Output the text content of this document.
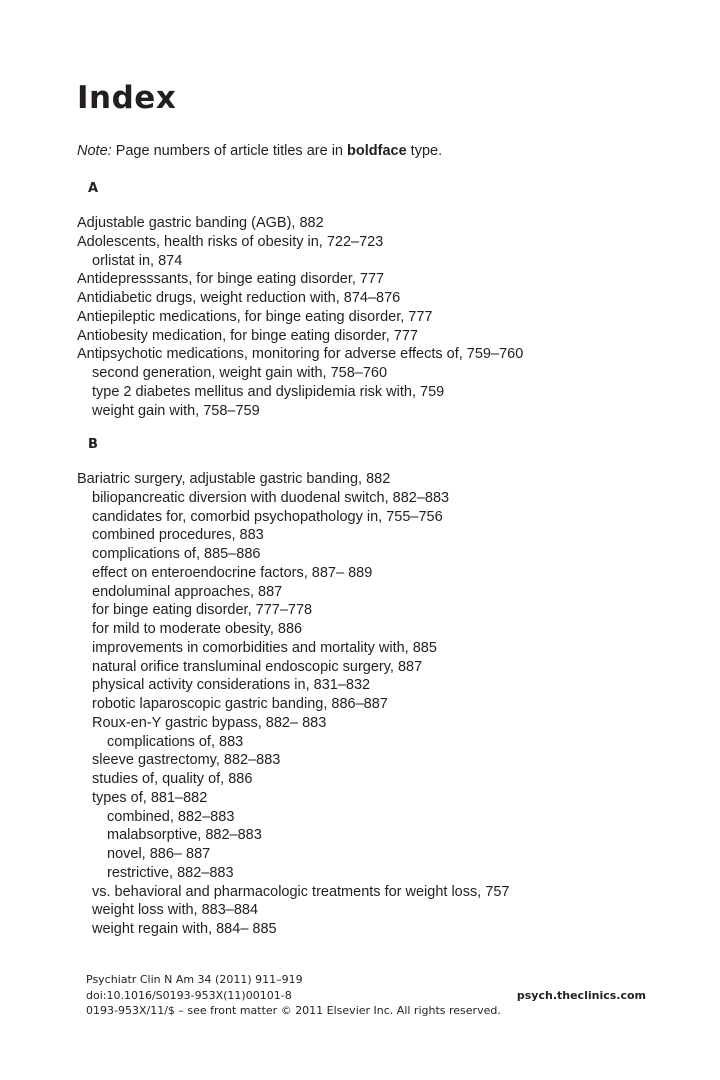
Index
Note: Page numbers of article titles are in boldface type.
A
Adjustable gastric banding (AGB), 882
Adolescents, health risks of obesity in, 722–723
orlistat in, 874
Antidepresssants, for binge eating disorder, 777
Antidiabetic drugs, weight reduction with, 874–876
Antiepileptic medications, for binge eating disorder, 777
Antiobesity medication, for binge eating disorder, 777
Antipsychotic medications, monitoring for adverse effects of, 759–760
second generation, weight gain with, 758–760
type 2 diabetes mellitus and dyslipidemia risk with, 759
weight gain with, 758–759
B
Bariatric surgery, adjustable gastric banding, 882
biliopancreatic diversion with duodenal switch, 882–883
candidates for, comorbid psychopathology in, 755–756
combined procedures, 883
complications of, 885–886
effect on enteroendocrine factors, 887– 889
endoluminal approaches, 887
for binge eating disorder, 777–778
for mild to moderate obesity, 886
improvements in comorbidities and mortality with, 885
natural orifice transluminal endoscopic surgery, 887
physical activity considerations in, 831–832
robotic laparoscopic gastric banding, 886–887
Roux-en-Y gastric bypass, 882– 883
complications of, 883
sleeve gastrectomy, 882–883
studies of, quality of, 886
types of, 881–882
combined, 882–883
malabsorptive, 882–883
novel, 886– 887
restrictive, 882–883
vs. behavioral and pharmacologic treatments for weight loss, 757
weight loss with, 883–884
weight regain with, 884– 885
Psychiatr Clin N Am 34 (2011) 911–919
doi:10.1016/S0193-953X(11)00101-8
0193-953X/11/$ – see front matter © 2011 Elsevier Inc. All rights reserved.
psych.theclinics.com
